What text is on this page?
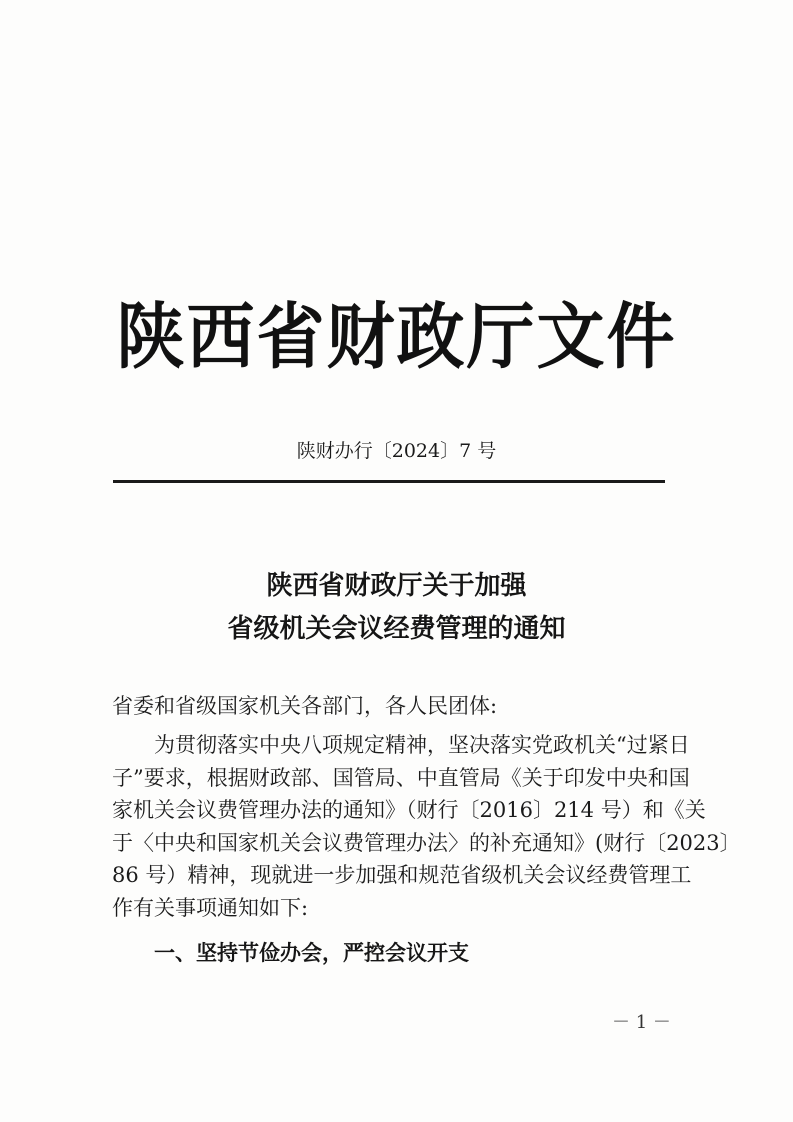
陕西省财政厅文件
陕财办行〔2024〕7 号
陕西省财政厅关于加强
省级机关会议经费管理的通知
省委和省级国家机关各部门，各人民团体:
为贯彻落实中央八项规定精神，坚决落实党政机关“过紧日
子”要求，根据财政部、国管局、中直管局《关于印发中央和国
家机关会议费管理办法的通知》（财行〔2016〕214 号）和《关
于〈中央和国家机关会议费管理办法〉的补充通知》(财行〔2023〕
86 号）精神，现就进一步加强和规范省级机关会议经费管理工
作有关事项通知如下:
一、坚持节俭办会，严控会议开支
－ 1 －
